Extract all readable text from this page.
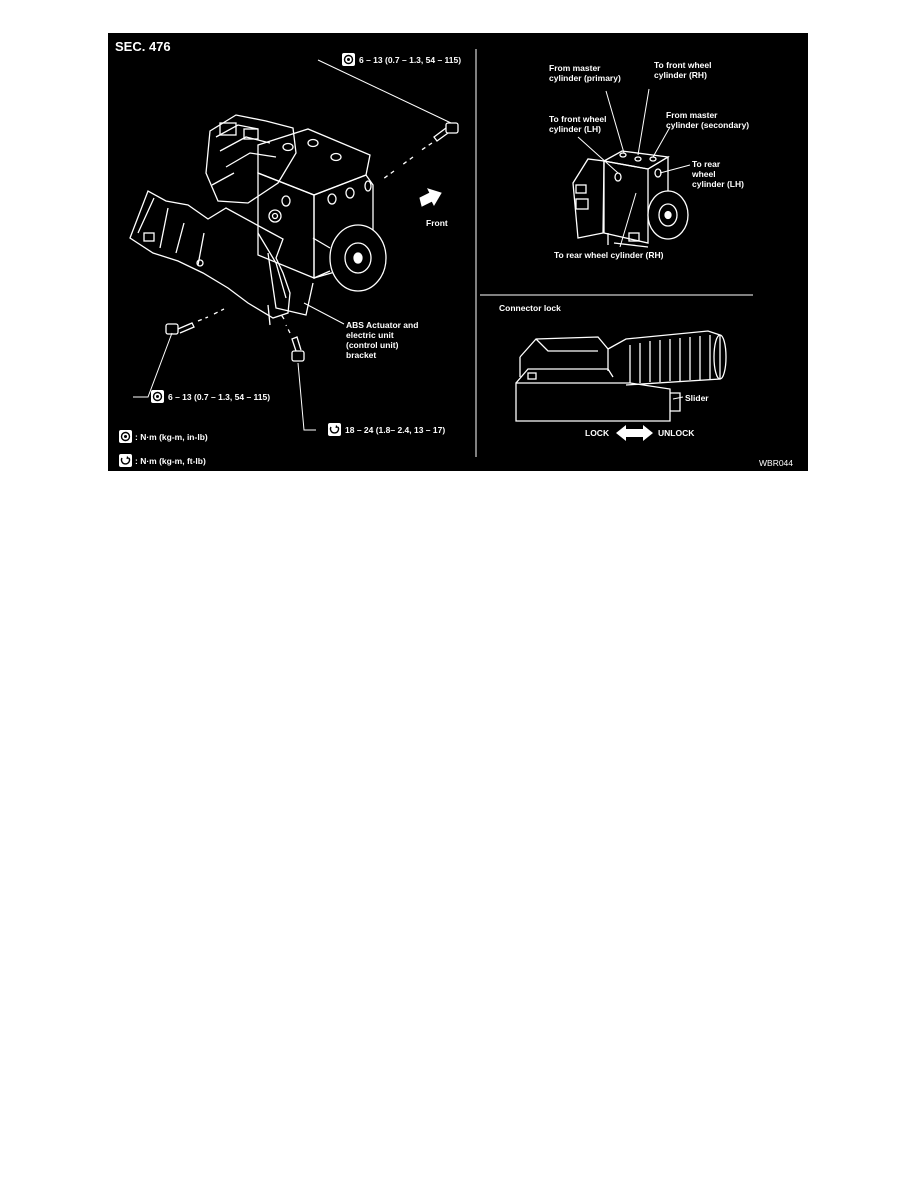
SEC. 476
6 – 13 (0.7 – 1.3, 54 – 115)
Front
ABS Actuator and
electric unit
(control unit)
bracket
6 – 13 (0.7 – 1.3, 54 – 115)
18 – 24 (1.8– 2.4, 13 – 17)
: N·m (kg-m, in-lb)
: N·m (kg-m, ft-lb)
From master
cylinder (primary)
To front wheel
cylinder (RH)
To front wheel
cylinder (LH)
From master
cylinder (secondary)
To rear
wheel
cylinder (LH)
To rear wheel cylinder (RH)
Connector lock
Slider
LOCK	UNLOCK
WBR044
